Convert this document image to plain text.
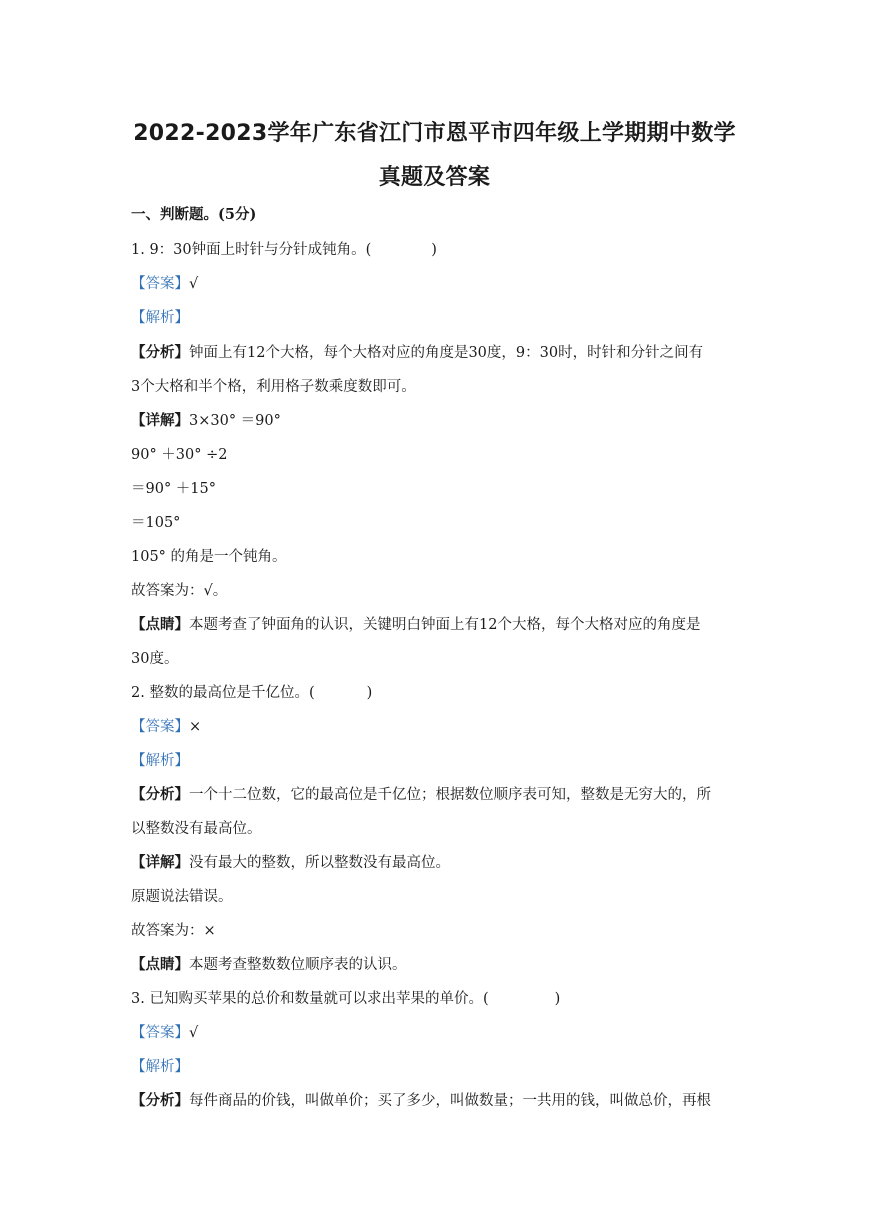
2022-2023学年广东省江门市恩平市四年级上学期期中数学
真题及答案
一、判断题。(5分)
1. 9：30钟面上时针与分针成钝角。(	)
【答案】√
【解析】
【分析】钟面上有12个大格，每个大格对应的角度是30度，9：30时，时针和分针之间有
3个大格和半个格，利用格子数乘度数即可。
【详解】3×30° ＝90°
90° ＋30° ÷2
＝90° ＋15°
＝105°
105° 的角是一个钝角。
故答案为：√。
【点睛】本题考查了钟面角的认识，关键明白钟面上有12个大格，每个大格对应的角度是
30度。
2. 整数的最高位是千亿位。(	)
【答案】×
【解析】
【分析】一个十二位数，它的最高位是千亿位；根据数位顺序表可知，整数是无穷大的，所
以整数没有最高位。
【详解】没有最大的整数，所以整数没有最高位。
原题说法错误。
故答案为：×
【点睛】本题考查整数数位顺序表的认识。
3. 已知购买苹果的总价和数量就可以求出苹果的单价。(	)
【答案】√
【解析】
【分析】每件商品的价钱，叫做单价；买了多少，叫做数量；一共用的钱，叫做总价，再根
